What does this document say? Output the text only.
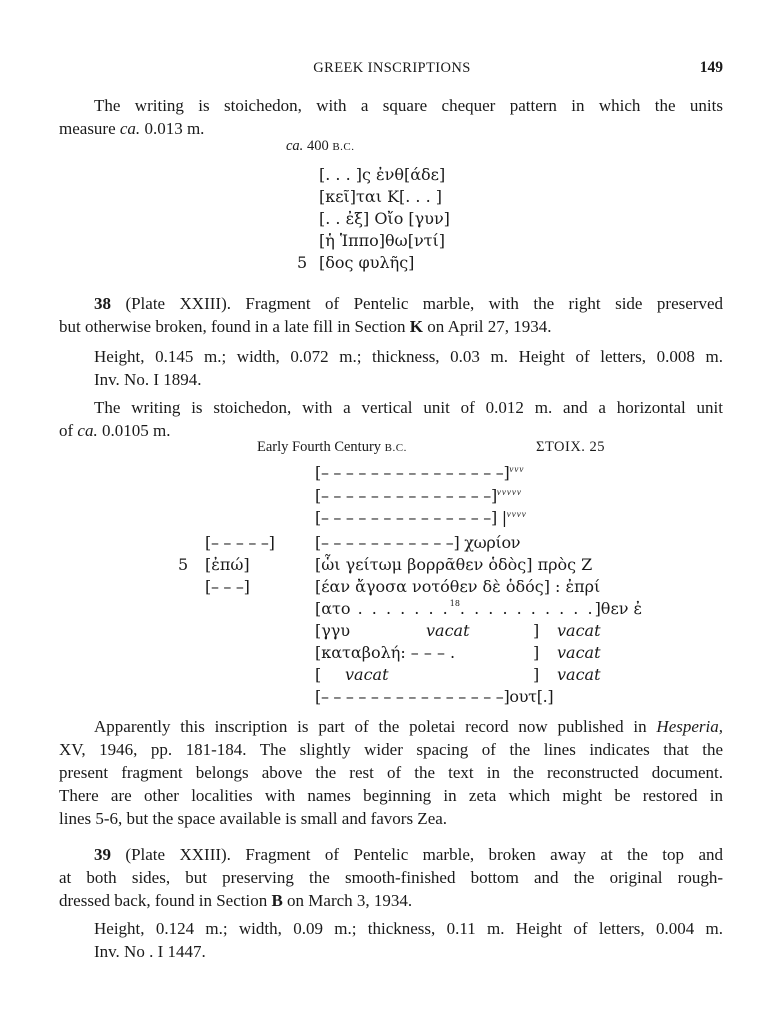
GREEK INSCRIPTIONS	149
The writing is stoichedon, with a square chequer pattern in which the units
measure ca. 0.013 m.
ca. 400 B.C.
[. . . ]ς ἐνθ[άδε]
[κεῖ]ται Κ[. . . ]
[. . ἐξ] Οἴο [γυν]
[ἡ Ἱππο]θω[ντί]
5 [δος φυλῆς]
38 (Plate XXIII). Fragment of Pentelic marble, with the right side preserved
but otherwise broken, found in a late fill in Section K on April 27, 1934.
Height, 0.145 m.; width, 0.072 m.; thickness, 0.03 m. Height of letters, 0.008 m.
Inv. No. I 1894.
The writing is stoichedon, with a vertical unit of 0.012 m. and a horizontal unit
of ca. 0.0105 m.
Early Fourth Century B.C.	ΣΤΟΙΧ. 25
[– – – – – – – – – – – – – – –]$^{vvv}$
[– – – – – – – – – – – – – –]$^{vvvvv}$
[– – – – – – – – – – – – – –] $|^{vvvv}$
[– – – – –]	[– – – – – – – – – – –] χωρίον
5 [ἐπώ]	[ὧι γείτωμ βορρᾶθεν ὁδὸς] πρὸς Ζ
[– – –]	[έαν ἄγοσα νοτόθεν δὲ ὁδός] : ἐπρί
[ατο . . . . . . .$^{18}$. . . . . . . . . .]θεν ἐ
[γγυ	vacat	] vacat
[καταβολή: – – – .	] vacat
[ vacat	] vacat
[– – – – – – – – – – – – – – –]ουτ[.]
Apparently this inscription is part of the poletai record now published in Hesperia,
XV, 1946, pp. 181-184. The slightly wider spacing of the lines indicates that the
present fragment belongs above the rest of the text in the reconstructed document.
There are other localities with names beginning in zeta which might be restored in
lines 5-6, but the space available is small and favors Zea.
39 (Plate XXIII). Fragment of Pentelic marble, broken away at the top and
at both sides, but preserving the smooth-finished bottom and the original rough-
dressed back, found in Section B on March 3, 1934.
Height, 0.124 m.; width, 0.09 m.; thickness, 0.11 m. Height of letters, 0.004 m.
Inv. No . I 1447.
